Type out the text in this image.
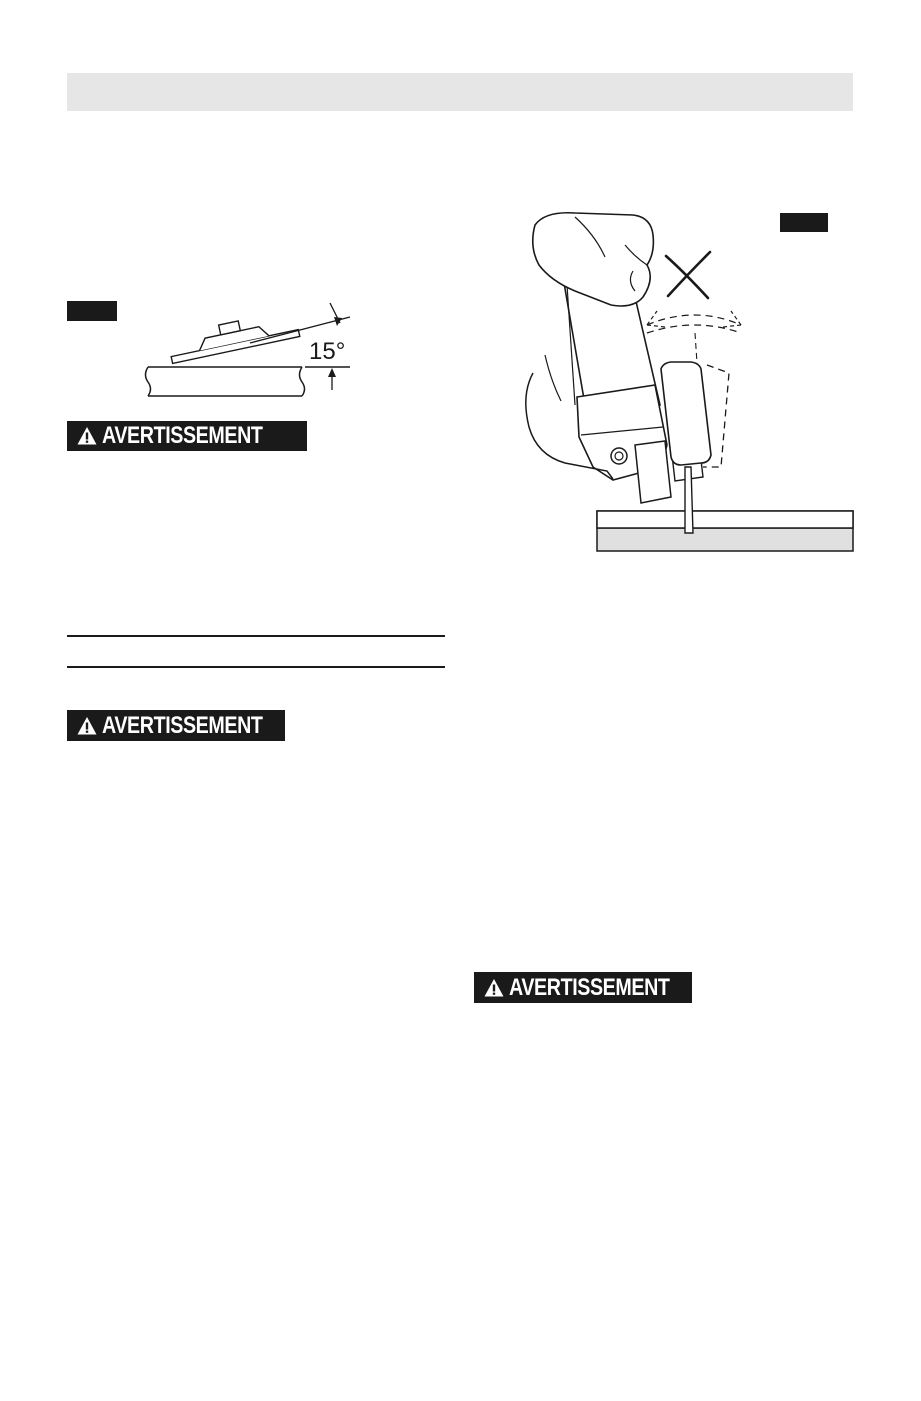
15°
AVERTISSEMENT
AVERTISSEMENT
AVERTISSEMENT
